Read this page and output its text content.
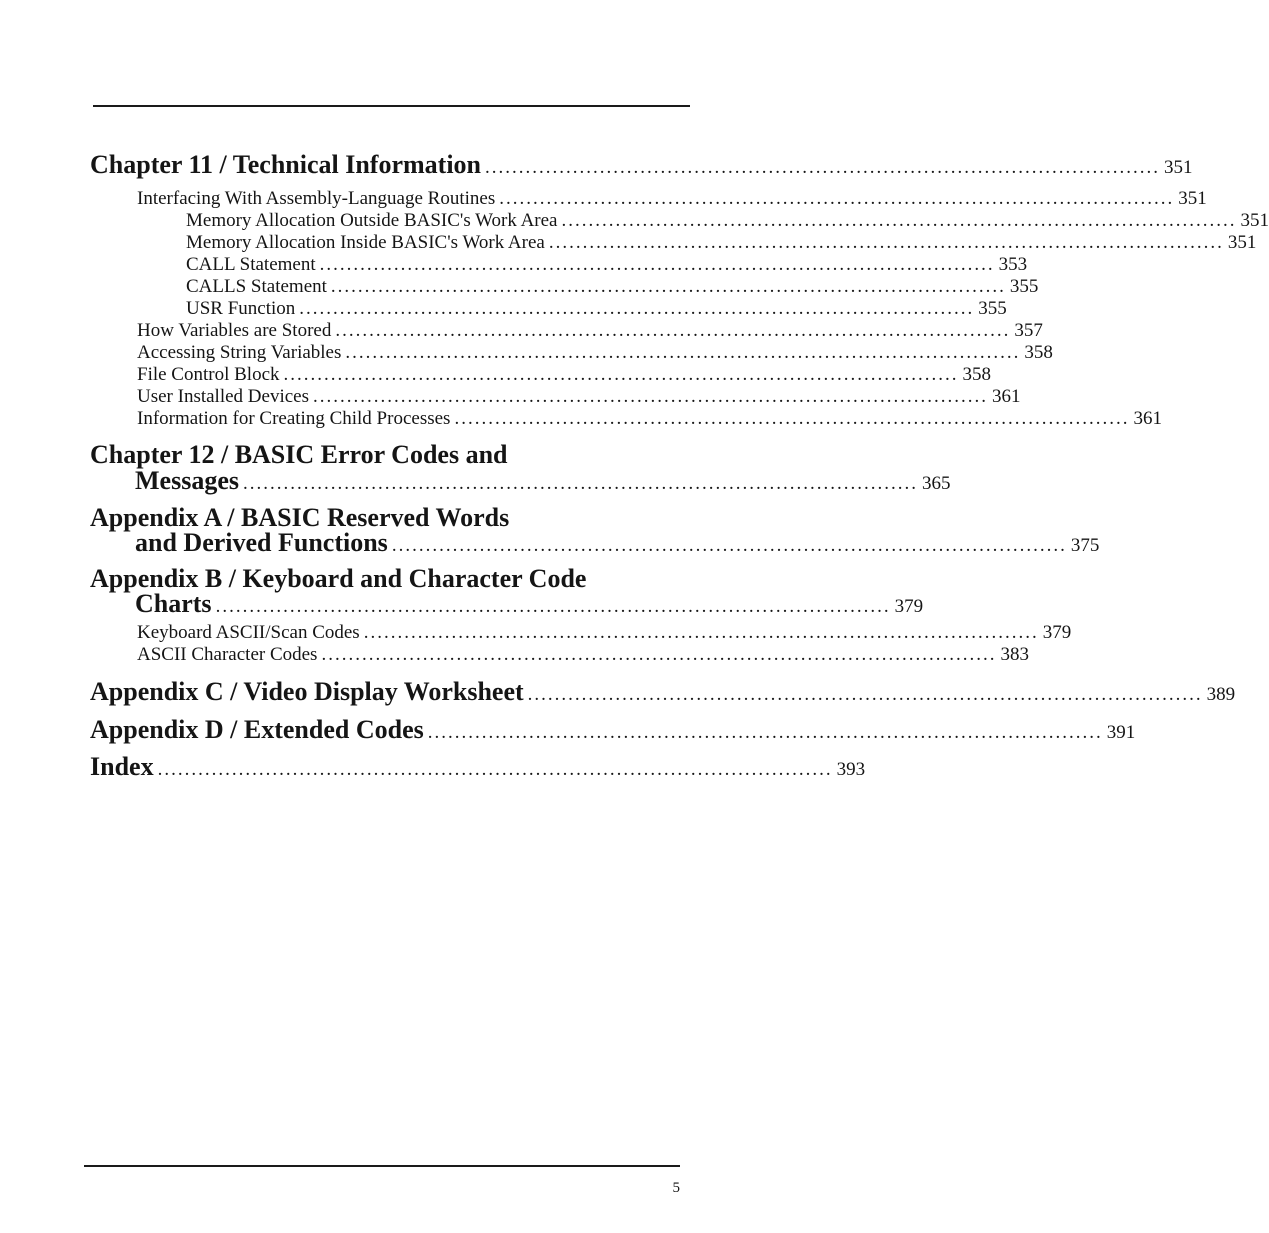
Chapter 11 / Technical Information .................................................................................................... 351
Interfacing With Assembly-Language Routines .................................................................................................... 351
Memory Allocation Outside BASIC's Work Area .................................................................................................... 351
Memory Allocation Inside BASIC's Work Area .................................................................................................... 351
CALL Statement .................................................................................................... 353
CALLS Statement .................................................................................................... 355
USR Function .................................................................................................... 355
How Variables are Stored .................................................................................................... 357
Accessing String Variables .................................................................................................... 358
File Control Block .................................................................................................... 358
User Installed Devices .................................................................................................... 361
Information for Creating Child Processes .................................................................................................... 361
Chapter 12 / BASIC Error Codes and
Messages .................................................................................................... 365
Appendix A / BASIC Reserved Words
and Derived Functions .................................................................................................... 375
Appendix B / Keyboard and Character Code
Charts .................................................................................................... 379
Keyboard ASCII/Scan Codes .................................................................................................... 379
ASCII Character Codes .................................................................................................... 383
Appendix C / Video Display Worksheet .................................................................................................... 389
Appendix D / Extended Codes .................................................................................................... 391
Index .................................................................................................... 393
5
